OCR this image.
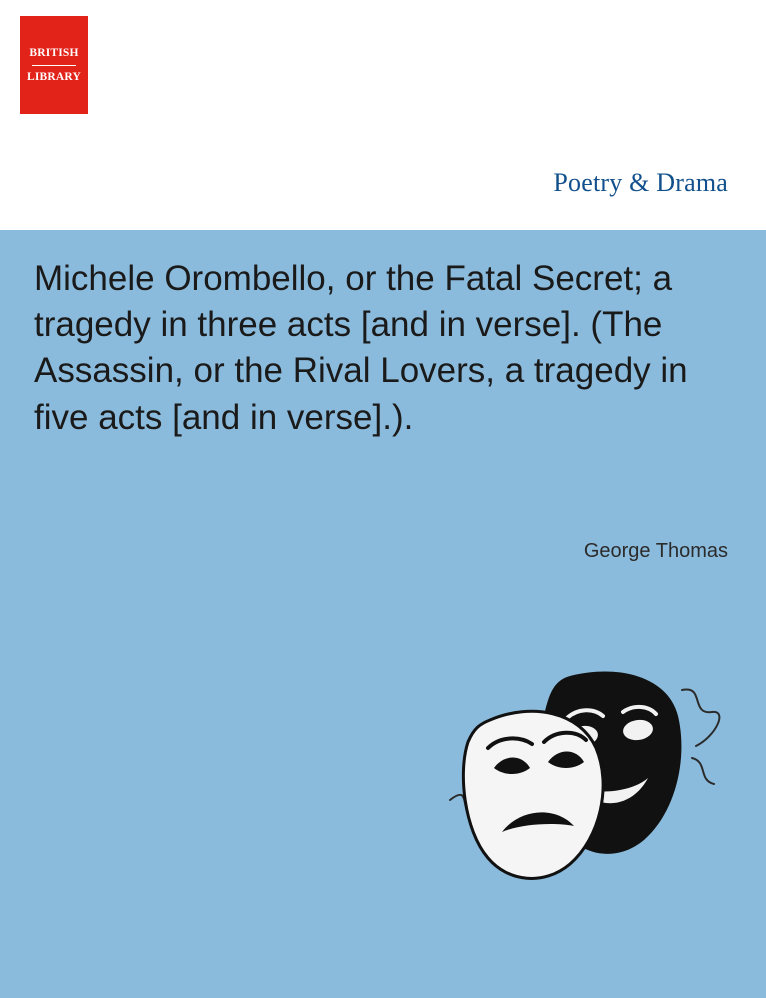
BRITISH
LIBRARY
Poetry & Drama
Michele Orombello, or the Fatal Secret; a tragedy in three acts [and in verse]. (The Assassin, or the Rival Lovers, a tragedy in five acts [and in verse].).
George Thomas
